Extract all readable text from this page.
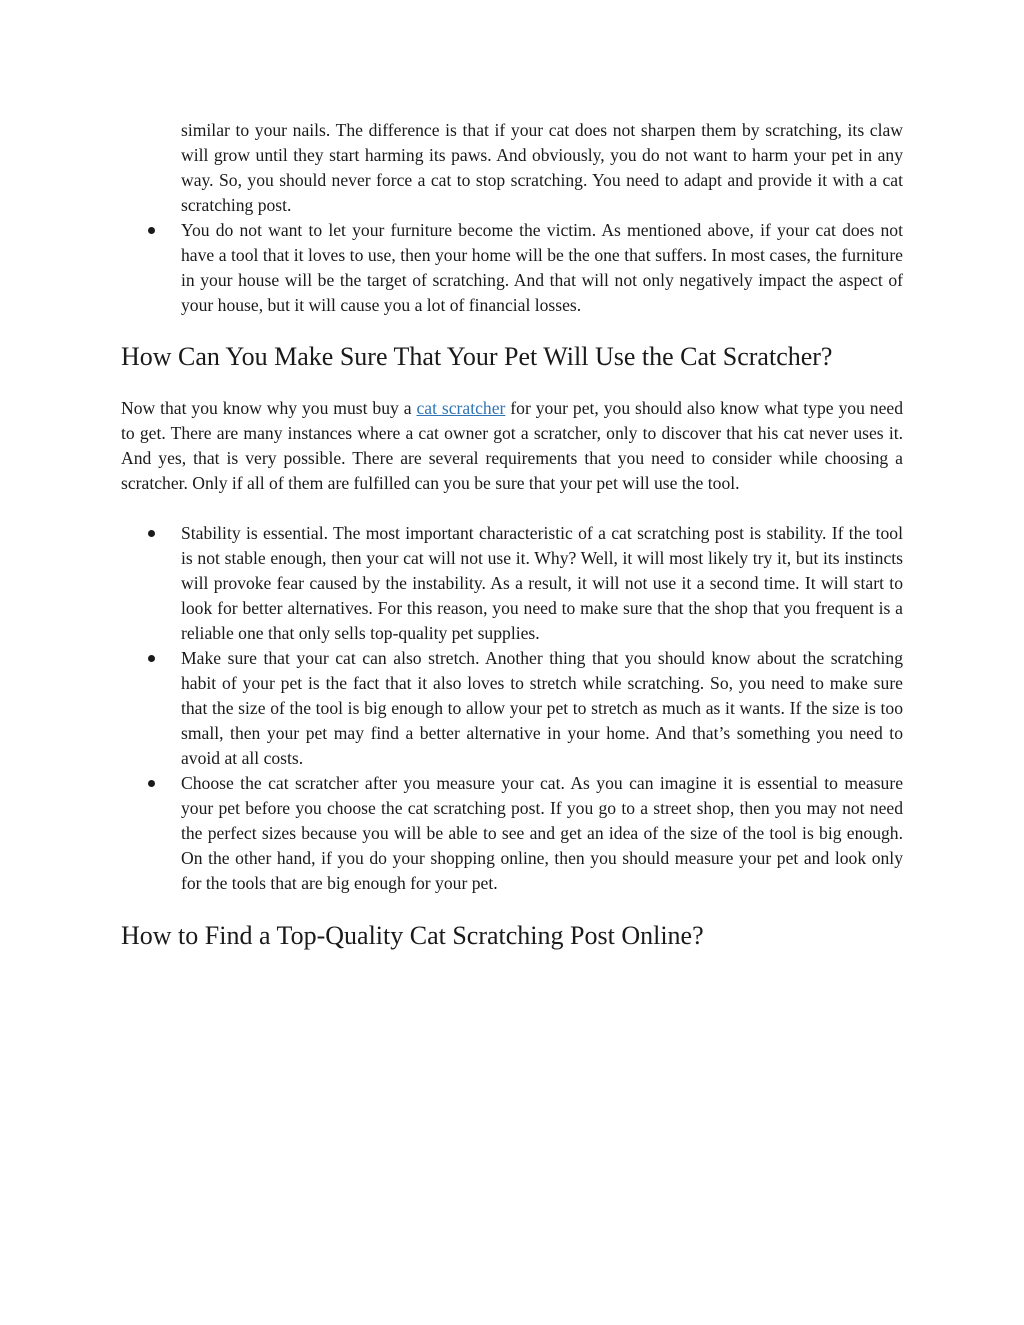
similar to your nails. The difference is that if your cat does not sharpen them by scratching, its claw will grow until they start harming its paws. And obviously, you do not want to harm your pet in any way. So, you should never force a cat to stop scratching. You need to adapt and provide it with a cat scratching post.

You do not want to let your furniture become the victim. As mentioned above, if your cat does not have a tool that it loves to use, then your home will be the one that suffers. In most cases, the furniture in your house will be the target of scratching. And that will not only negatively impact the aspect of your house, but it will cause you a lot of financial losses.
How Can You Make Sure That Your Pet Will Use the Cat Scratcher?

Now that you know why you must buy a cat scratcher for your pet, you should also know what type you need to get. There are many instances where a cat owner got a scratcher, only to discover that his cat never uses it. And yes, that is very possible. There are several requirements that you need to consider while choosing a scratcher. Only if all of them are fulfilled can you be sure that your pet will use the tool.

Stability is essential. The most important characteristic of a cat scratching post is stability. If the tool is not stable enough, then your cat will not use it. Why? Well, it will most likely try it, but its instincts will provoke fear caused by the instability. As a result, it will not use it a second time. It will start to look for better alternatives. For this reason, you need to make sure that the shop that you frequent is a reliable one that only sells top-quality pet supplies.
Make sure that your cat can also stretch. Another thing that you should know about the scratching habit of your pet is the fact that it also loves to stretch while scratching. So, you need to make sure that the size of the tool is big enough to allow your pet to stretch as much as it wants. If the size is too small, then your pet may find a better alternative in your home. And that’s something you need to avoid at all costs.
Choose the cat scratcher after you measure your cat. As you can imagine it is essential to measure your pet before you choose the cat scratching post. If you go to a street shop, then you may not need the perfect sizes because you will be able to see and get an idea of the size of the tool is big enough. On the other hand, if you do your shopping online, then you should measure your pet and look only for the tools that are big enough for your pet.
How to Find a Top-Quality Cat Scratching Post Online?
